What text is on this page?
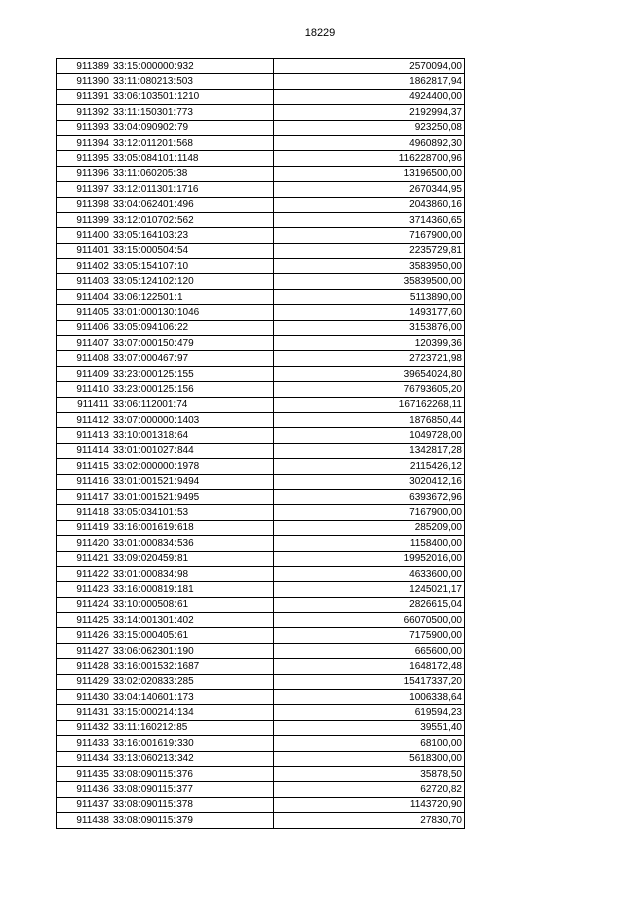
18229
911389	33:15:000000:932	2570094,00
911390	33:11:080213:503	1862817,94
911391	33:06:103501:1210	4924400,00
911392	33:11:150301:773	2192994,37
911393	33:04:090902:79	923250,08
911394	33:12:011201:568	4960892,30
911395	33:05:084101:1148	116228700,96
911396	33:11:060205:38	13196500,00
911397	33:12:011301:1716	2670344,95
911398	33:04:062401:496	2043860,16
911399	33:12:010702:562	3714360,65
911400	33:05:164103:23	7167900,00
911401	33:15:000504:54	2235729,81
911402	33:05:154107:10	3583950,00
911403	33:05:124102:120	35839500,00
911404	33:06:122501:1	5113890,00
911405	33:01:000130:1046	1493177,60
911406	33:05:094106:22	3153876,00
911407	33:07:000150:479	120399,36
911408	33:07:000467:97	2723721,98
911409	33:23:000125:155	39654024,80
911410	33:23:000125:156	76793605,20
911411	33:06:112001:74	167162268,11
911412	33:07:000000:1403	1876850,44
911413	33:10:001318:64	1049728,00
911414	33:01:001027:844	1342817,28
911415	33:02:000000:1978	2115426,12
911416	33:01:001521:9494	3020412,16
911417	33:01:001521:9495	6393672,96
911418	33:05:034101:53	7167900,00
911419	33:16:001619:618	285209,00
911420	33:01:000834:536	1158400,00
911421	33:09:020459:81	19952016,00
911422	33:01:000834:98	4633600,00
911423	33:16:000819:181	1245021,17
911424	33:10:000508:61	2826615,04
911425	33:14:001301:402	66070500,00
911426	33:15:000405:61	7175900,00
911427	33:06:062301:190	665600,00
911428	33:16:001532:1687	1648172,48
911429	33:02:020833:285	15417337,20
911430	33:04:140601:173	1006338,64
911431	33:15:000214:134	619594,23
911432	33:11:160212:85	39551,40
911433	33:16:001619:330	68100,00
911434	33:13:060213:342	5618300,00
911435	33:08:090115:376	35878,50
911436	33:08:090115:377	62720,82
911437	33:08:090115:378	1143720,90
911438	33:08:090115:379	27830,70
